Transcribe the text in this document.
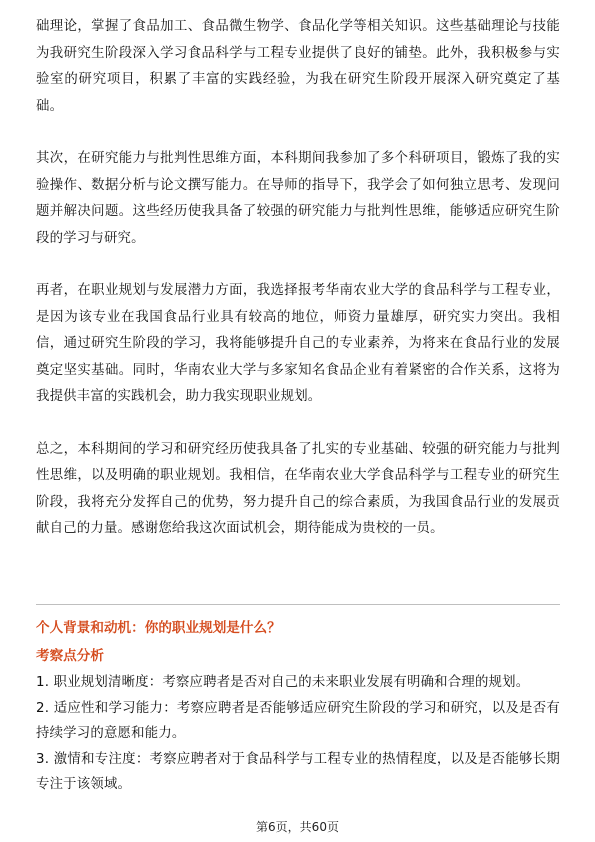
础理论，掌握了食品加工、食品微生物学、食品化学等相关知识。这些基础理论与技能为我研究生阶段深入学习食品科学与工程专业提供了良好的铺垫。此外，我积极参与实验室的研究项目，积累了丰富的实践经验，为我在研究生阶段开展深入研究奠定了基础。

其次，在研究能力与批判性思维方面，本科期间我参加了多个科研项目，锻炼了我的实验操作、数据分析与论文撰写能力。在导师的指导下，我学会了如何独立思考、发现问题并解决问题。这些经历使我具备了较强的研究能力与批判性思维，能够适应研究生阶段的学习与研究。

再者，在职业规划与发展潜力方面，我选择报考华南农业大学的食品科学与工程专业，是因为该专业在我国食品行业具有较高的地位，师资力量雄厚，研究实力突出。我相信，通过研究生阶段的学习，我将能够提升自己的专业素养，为将来在食品行业的发展奠定坚实基础。同时，华南农业大学与多家知名食品企业有着紧密的合作关系，这将为我提供丰富的实践机会，助力我实现职业规划。

总之，本科期间的学习和研究经历使我具备了扎实的专业基础、较强的研究能力与批判性思维，以及明确的职业规划。我相信，在华南农业大学食品科学与工程专业的研究生阶段，我将充分发挥自己的优势，努力提升自己的综合素质，为我国食品行业的发展贡献自己的力量。感谢您给我这次面试机会，期待能成为贵校的一员。

个人背景和动机：你的职业规划是什么？
考察点分析
1. 职业规划清晰度：考察应聘者是否对自己的未来职业发展有明确和合理的规划。
2. 适应性和学习能力：考察应聘者是否能够适应研究生阶段的学习和研究，以及是否有持续学习的意愿和能力。
3. 激情和专注度：考察应聘者对于食品科学与工程专业的热情程度，以及是否能够长期专注于该领域。
第6页，共60页
